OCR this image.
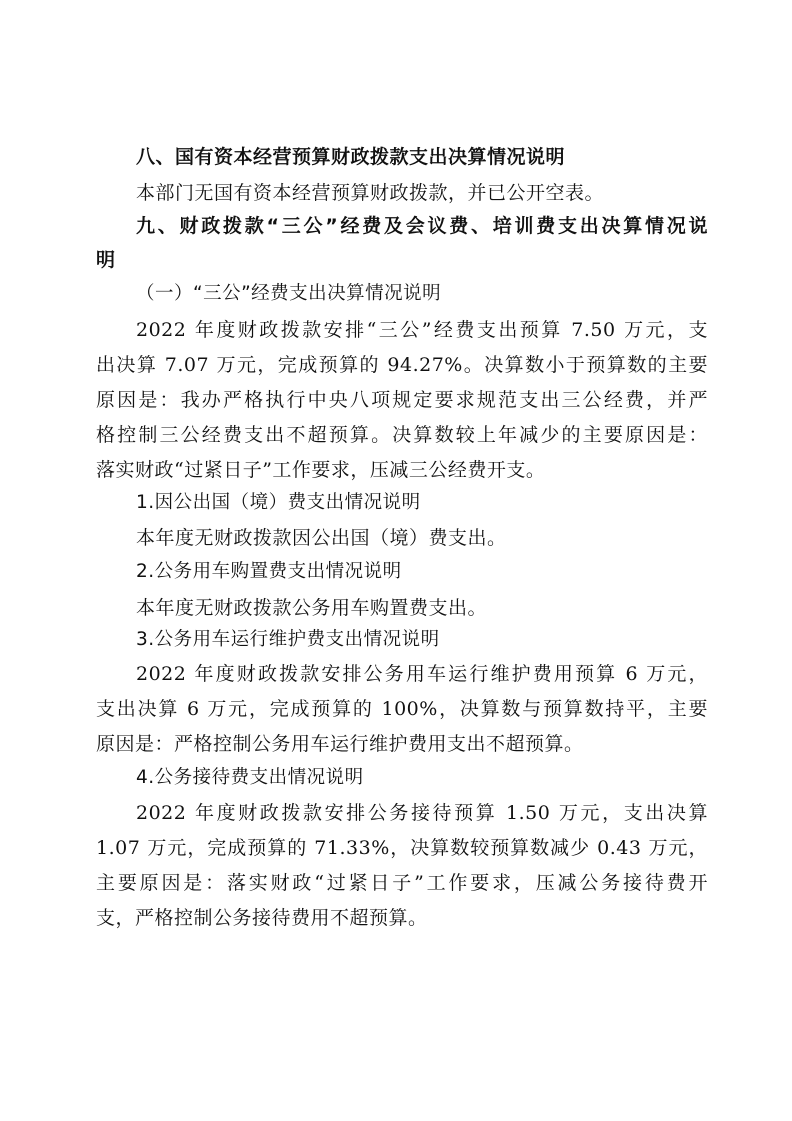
八、国有资本经营预算财政拨款支出决算情况说明
本部门无国有资本经营预算财政拨款，并已公开空表。
九、财政拨款“三公”经费及会议费、培训费支出决算情况说
明
（一）“三公”经费支出决算情况说明
2022 年度财政拨款安排“三公”经费支出预算 7.50 万元，支
出决算 7.07 万元，完成预算的 94.27%。决算数小于预算数的主要
原因是：我办严格执行中央八项规定要求规范支出三公经费，并严
格控制三公经费支出不超预算。决算数较上年减少的主要原因是：
落实财政“过紧日子”工作要求，压减三公经费开支。
1.因公出国（境）费支出情况说明
本年度无财政拨款因公出国（境）费支出。
2.公务用车购置费支出情况说明
本年度无财政拨款公务用车购置费支出。
3.公务用车运行维护费支出情况说明
2022 年度财政拨款安排公务用车运行维护费用预算 6 万元，
支出决算 6 万元，完成预算的 100%，决算数与预算数持平，主要
原因是：严格控制公务用车运行维护费用支出不超预算。
4.公务接待费支出情况说明
2022 年度财政拨款安排公务接待预算 1.50 万元，支出决算
1.07 万元，完成预算的 71.33%，决算数较预算数减少 0.43 万元，
主要原因是：落实财政“过紧日子”工作要求，压减公务接待费开
支，严格控制公务接待费用不超预算。
